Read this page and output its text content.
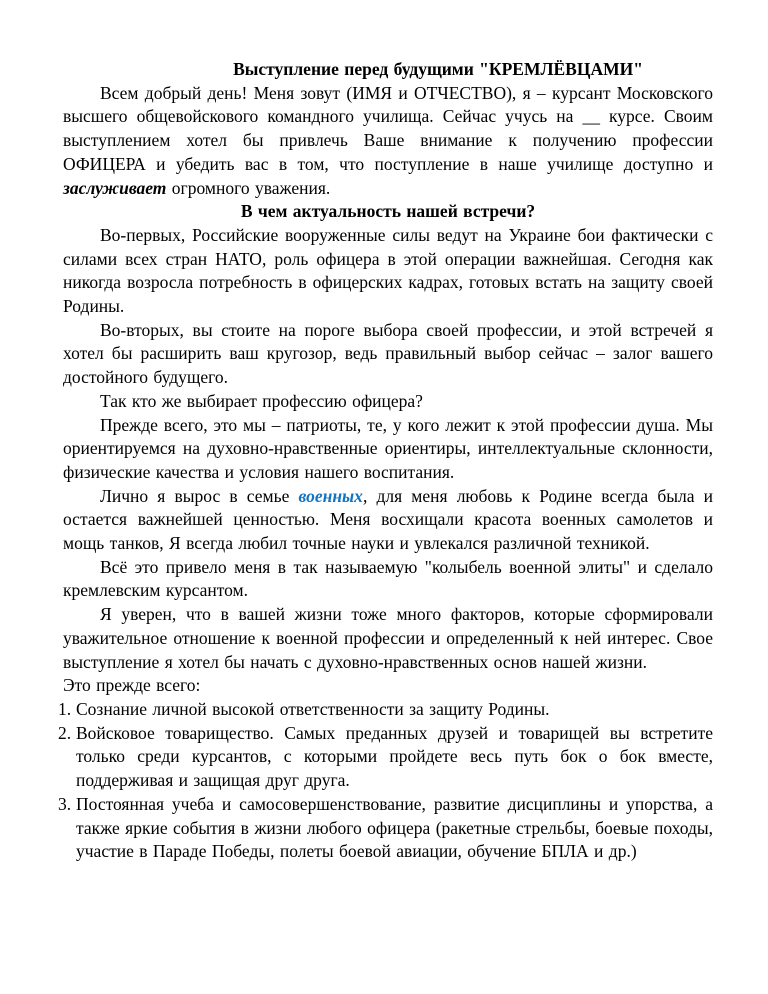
Выступление перед будущими "КРЕМЛЁВЦАМИ"

Всем добрый день! Меня зовут (ИМЯ и ОТЧЕСТВО), я – курсант Московского высшего общевойскового командного училища. Сейчас учусь на __ курсе. Своим выступлением хотел бы привлечь Ваше внимание к получению профессии ОФИЦЕРА и убедить вас в том, что поступление в наше училище доступно и заслуживает огромного уважения.

В чем актуальность нашей встречи?

Во-первых, Российские вооруженные силы ведут на Украине бои фактически с силами всех стран НАТО, роль офицера в этой операции важнейшая. Сегодня как никогда возросла потребность в офицерских кадрах, готовых встать на защиту своей Родины.

Во-вторых, вы стоите на пороге выбора своей профессии, и этой встречей я хотел бы расширить ваш кругозор, ведь правильный выбор сейчас – залог вашего достойного будущего.

Так кто же выбирает профессию офицера?

Прежде всего, это мы – патриоты, те, у кого лежит к этой профессии душа. Мы ориентируемся на духовно-нравственные ориентиры, интеллектуальные склонности, физические качества и условия нашего воспитания.

Лично я вырос в семье военных, для меня любовь к Родине всегда была и остается важнейшей ценностью. Меня восхищали красота военных самолетов и мощь танков, Я всегда любил точные науки и увлекался различной техникой.

Всё это привело меня в так называемую "колыбель военной элиты" и сделало кремлевским курсантом.

Я уверен, что в вашей жизни тоже много факторов, которые сформировали уважительное отношение к военной профессии и определенный к ней интерес. Свое выступление я хотел бы начать с духовно-нравственных основ нашей жизни.

Это прежде всего:

1. Сознание личной высокой ответственности за защиту Родины.
2. Войсковое товарищество. Самых преданных друзей и товарищей вы встретите только среди курсантов, с которыми пройдете весь путь бок о бок вместе, поддерживая и защищая друг друга.
3. Постоянная учеба и самосовершенствование, развитие дисциплины и упорства, а также яркие события в жизни любого офицера (ракетные стрельбы, боевые походы, участие в Параде Победы, полеты боевой авиации, обучение БПЛА и др.)
